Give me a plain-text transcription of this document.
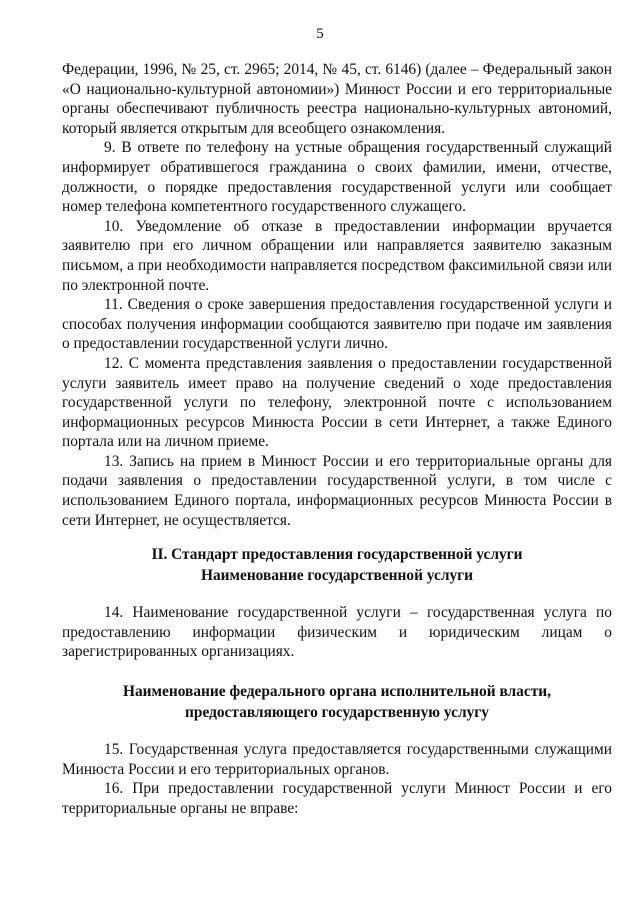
5

Федерации, 1996, № 25, ст. 2965; 2014, № 45, ст. 6146) (далее – Федеральный закон «О национально-культурной автономии») Минюст России и его территориальные органы обеспечивают публичность реестра национально-культурных автономий, который является открытым для всеобщего ознакомления.

9. В ответе по телефону на устные обращения государственный служащий информирует обратившегося гражданина о своих фамилии, имени, отчестве, должности, о порядке предоставления государственной услуги или сообщает номер телефона компетентного государственного служащего.

10. Уведомление об отказе в предоставлении информации вручается заявителю при его личном обращении или направляется заявителю заказным письмом, а при необходимости направляется посредством факсимильной связи или по электронной почте.

11. Сведения о сроке завершения предоставления государственной услуги и способах получения информации сообщаются заявителю при подаче им заявления о предоставлении государственной услуги лично.

12. С момента представления заявления о предоставлении государственной услуги заявитель имеет право на получение сведений о ходе предоставления государственной услуги по телефону, электронной почте с использованием информационных ресурсов Минюста России в сети Интернет, а также Единого портала или на личном приеме.

13. Запись на прием в Минюст России и его территориальные органы для подачи заявления о предоставлении государственной услуги, в том числе с использованием Единого портала, информационных ресурсов Минюста России в сети Интернет, не осуществляется.

II. Стандарт предоставления государственной услуги
Наименование государственной услуги

14. Наименование государственной услуги – государственная услуга по предоставлению информации физическим и юридическим лицам о зарегистрированных организациях.

Наименование федерального органа исполнительной власти,
предоставляющего государственную услугу

15. Государственная услуга предоставляется государственными служащими Минюста России и его территориальных органов.

16. При предоставлении государственной услуги Минюст России и его территориальные органы не вправе:
